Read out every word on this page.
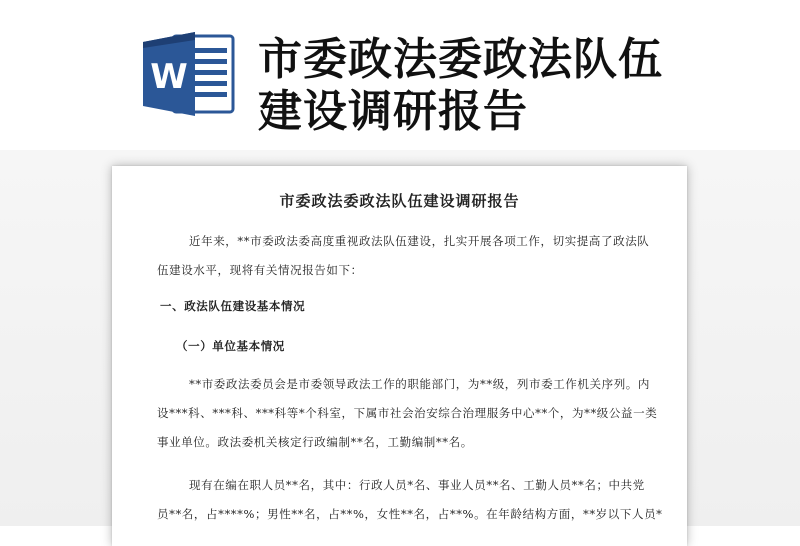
W 市委政法委政法队伍
建设调研报告
市委政法委政法队伍建设调研报告
近年来，**市委政法委高度重视政法队伍建设，扎实开展各项工作，切实提高了政法队
伍建设水平，现将有关情况报告如下：
一、政法队伍建设基本情况
（一）单位基本情况
**市委政法委员会是市委领导政法工作的职能部门，为**级，列市委工作机关序列。内
设***科、***科、***科等*个科室，下属市社会治安综合治理服务中心**个，为**级公益一类
事业单位。政法委机关核定行政编制**名，工勤编制**名。
现有在编在职人员**名，其中：行政人员*名、事业人员**名、工勤人员**名；中共党
员**名，占****%；男性**名，占**%，女性**名，占**%。在年龄结构方面，**岁以下人员*
